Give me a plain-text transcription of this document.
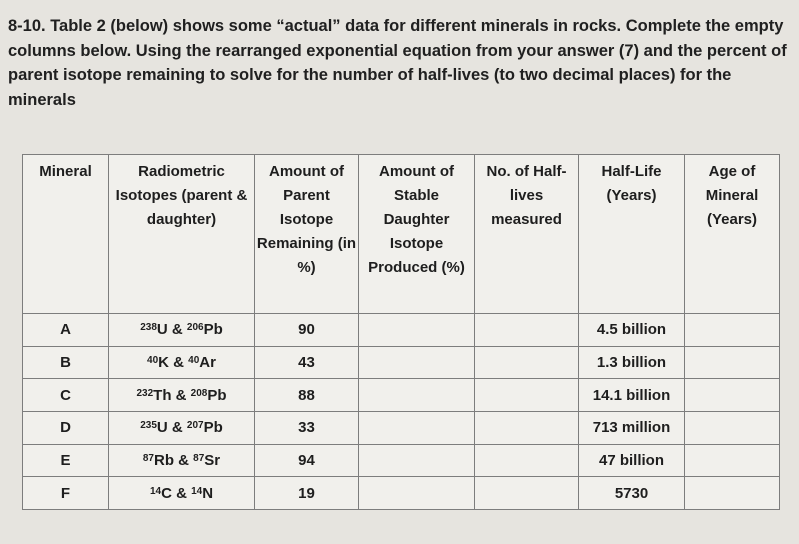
8-10. Table 2 (below) shows some “actual” data for different minerals in rocks. Complete the empty columns below. Using the rearranged exponential equation from your answer (7) and the percent of parent isotope remaining to solve for the number of half-lives (to two decimal places) for the minerals
Mineral	Radiometric Isotopes (parent & daughter)	Amount of Parent Isotope Remaining (in %)	Amount of Stable Daughter Isotope Produced (%)	No. of Half-lives measured	Half-Life (Years)	Age of Mineral (Years)
A	$^{238}$U & $^{206}$Pb	90			4.5 billion	
B	$^{40}$K & $^{40}$Ar	43			1.3 billion	
C	$^{232}$Th & $^{208}$Pb	88			14.1 billion	
D	$^{235}$U & $^{207}$Pb	33			713 million	
E	$^{87}$Rb & $^{87}$Sr	94			47 billion	
F	$^{14}$C & $^{14}$N	19			5730	
